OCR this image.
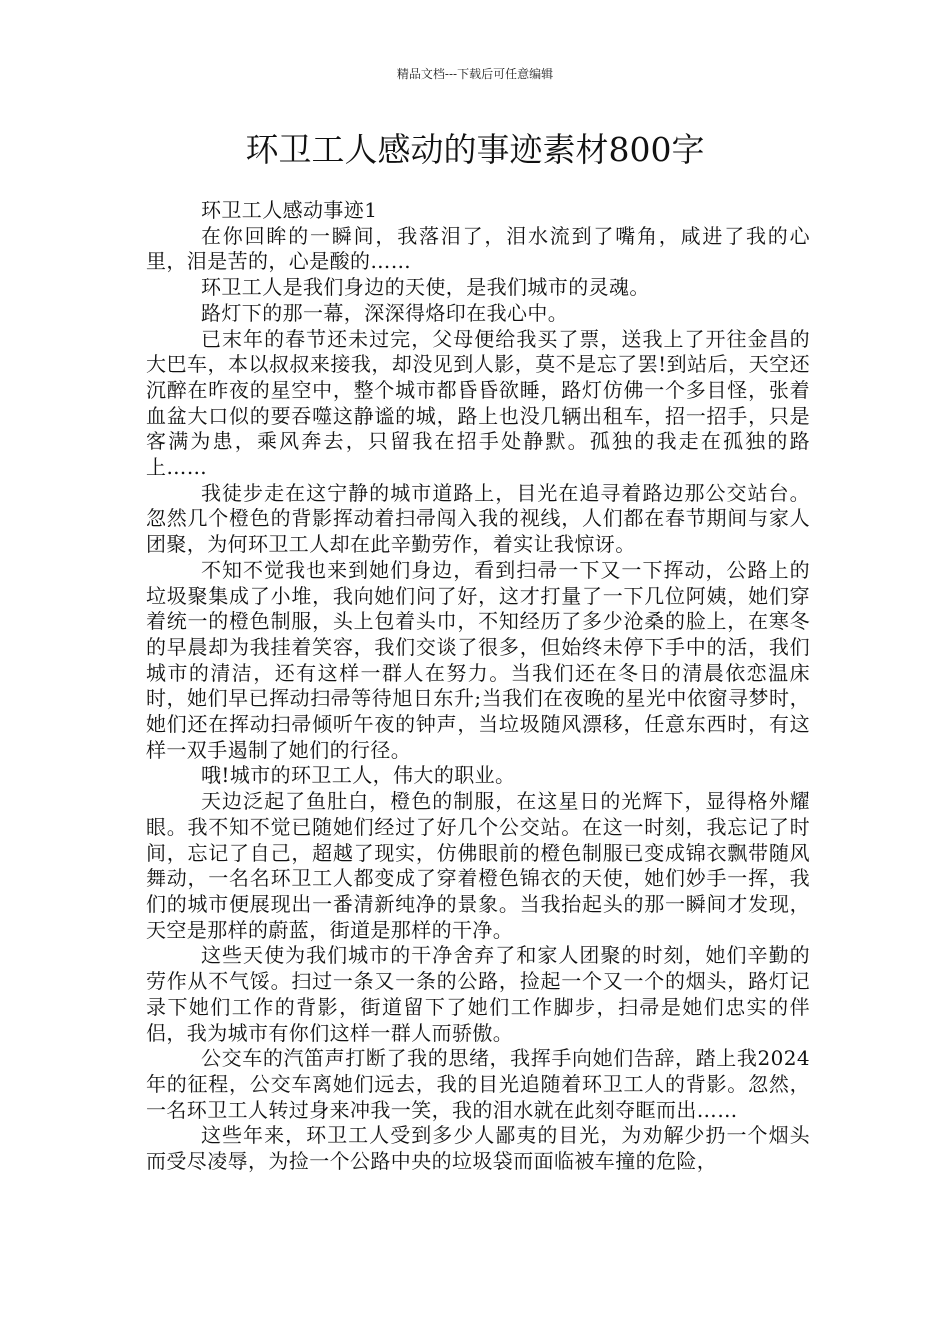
精品文档---下载后可任意编辑
环卫工人感动的事迹素材800字

环卫工人感动事迹1

在你回眸的一瞬间，我落泪了，泪水流到了嘴角，咸进了我的心里，泪是苦的，心是酸的……

环卫工人是我们身边的天使，是我们城市的灵魂。

路灯下的那一幕，深深得烙印在我心中。

已末年的春节还未过完，父母便给我买了票，送我上了开往金昌的大巴车，本以叔叔来接我，却没见到人影，莫不是忘了罢!到站后，天空还沉醉在昨夜的星空中，整个城市都昏昏欲睡，路灯仿佛一个多目怪，张着血盆大口似的要吞噬这静谧的城，路上也没几辆出租车，招一招手，只是客满为患，乘风奔去，只留我在招手处静默。孤独的我走在孤独的路上……

我徒步走在这宁静的城市道路上，目光在追寻着路边那公交站台。忽然几个橙色的背影挥动着扫帚闯入我的视线，人们都在春节期间与家人团聚，为何环卫工人却在此辛勤劳作，着实让我惊讶。

不知不觉我也来到她们身边，看到扫帚一下又一下挥动，公路上的垃圾聚集成了小堆，我向她们问了好，这才打量了一下几位阿姨，她们穿着统一的橙色制服，头上包着头巾，不知经历了多少沧桑的脸上，在寒冬的早晨却为我挂着笑容，我们交谈了很多，但始终未停下手中的活，我们城市的清洁，还有这样一群人在努力。当我们还在冬日的清晨依恋温床时，她们早已挥动扫帚等待旭日东升;当我们在夜晚的星光中依窗寻梦时，她们还在挥动扫帚倾听午夜的钟声，当垃圾随风漂移，任意东西时，有这样一双手遏制了她们的行径。

哦!城市的环卫工人，伟大的职业。

天边泛起了鱼肚白，橙色的制服，在这星日的光辉下，显得格外耀眼。我不知不觉已随她们经过了好几个公交站。在这一时刻，我忘记了时间，忘记了自己，超越了现实，仿佛眼前的橙色制服已变成锦衣飘带随风舞动，一名名环卫工人都变成了穿着橙色锦衣的天使，她们妙手一挥，我们的城市便展现出一番清新纯净的景象。当我抬起头的那一瞬间才发现，天空是那样的蔚蓝，街道是那样的干净。

这些天使为我们城市的干净舍弃了和家人团聚的时刻，她们辛勤的劳作从不气馁。扫过一条又一条的公路，捡起一个又一个的烟头，路灯记录下她们工作的背影，街道留下了她们工作脚步，扫帚是她们忠实的伴侣，我为城市有你们这样一群人而骄傲。

公交车的汽笛声打断了我的思绪，我挥手向她们告辞，踏上我2024年的征程，公交车离她们远去，我的目光追随着环卫工人的背影。忽然，一名环卫工人转过身来冲我一笑，我的泪水就在此刻夺眶而出……

这些年来，环卫工人受到多少人鄙夷的目光，为劝解少扔一个烟头而受尽凌辱，为捡一个公路中央的垃圾袋而面临被车撞的危险，
